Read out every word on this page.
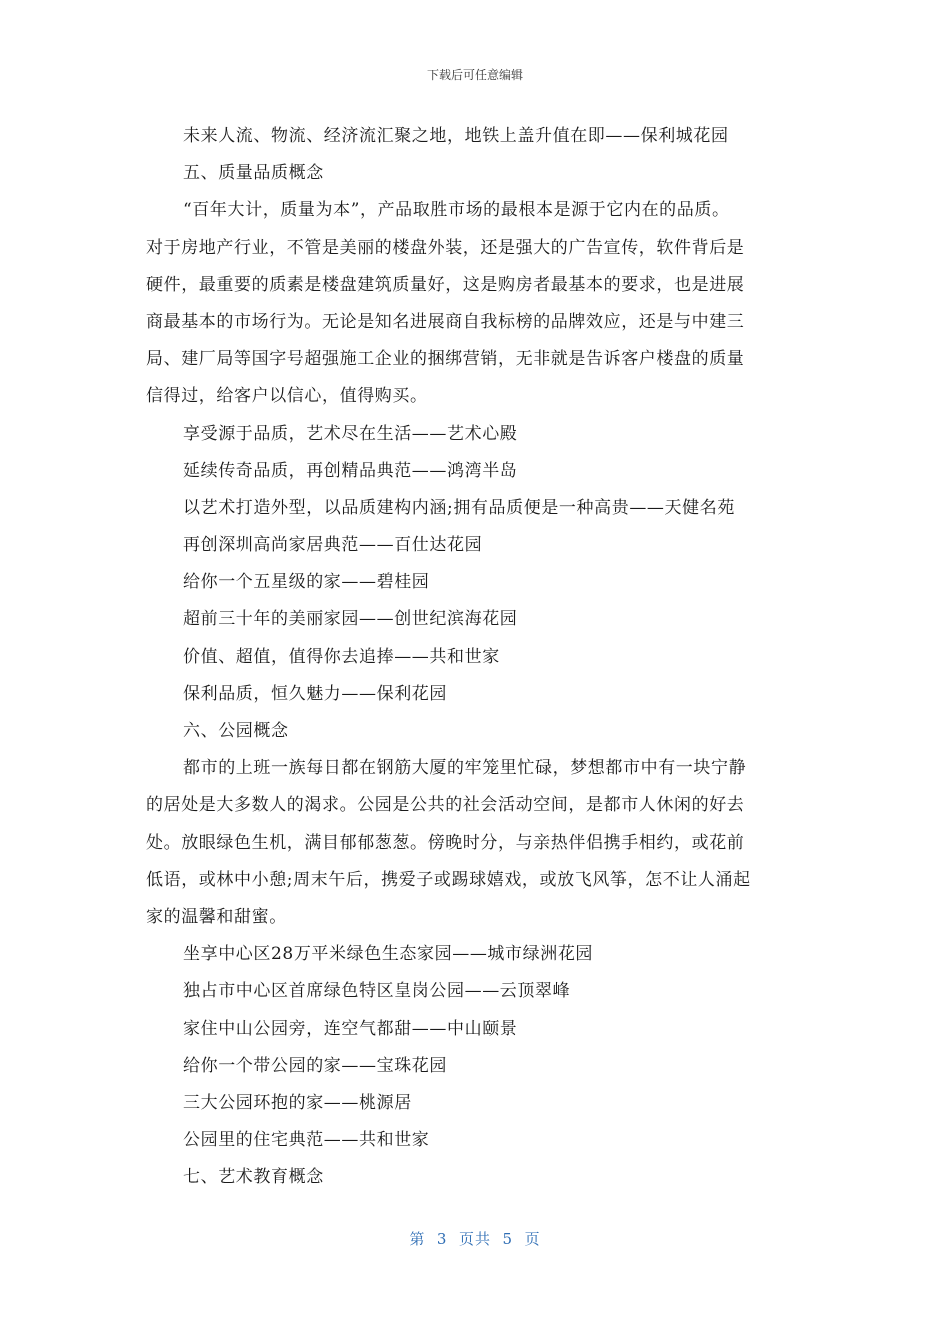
下载后可任意编辑
未来人流、物流、经济流汇聚之地，地铁上盖升值在即——保利城花园
五、质量品质概念
“百年大计，质量为本”，产品取胜市场的最根本是源于它内在的品质。
对于房地产行业，不管是美丽的楼盘外装，还是强大的广告宣传，软件背后是
硬件，最重要的质素是楼盘建筑质量好，这是购房者最基本的要求，也是进展
商最基本的市场行为。无论是知名进展商自我标榜的品牌效应，还是与中建三
局、建厂局等国字号超强施工企业的捆绑营销，无非就是告诉客户楼盘的质量
信得过，给客户以信心，值得购买。
享受源于品质，艺术尽在生活——艺术心殿
延续传奇品质，再创精品典范——鸿湾半岛
以艺术打造外型，以品质建构内涵;拥有品质便是一种高贵——天健名苑
再创深圳高尚家居典范——百仕达花园
给你一个五星级的家——碧桂园
超前三十年的美丽家园——创世纪滨海花园
价值、超值，值得你去追捧——共和世家
保利品质，恒久魅力——保利花园
六、公园概念
都市的上班一族每日都在钢筋大厦的牢笼里忙碌，梦想都市中有一块宁静
的居处是大多数人的渴求。公园是公共的社会活动空间，是都市人休闲的好去
处。放眼绿色生机，满目郁郁葱葱。傍晚时分，与亲热伴侣携手相约，或花前
低语，或林中小憩;周末午后，携爱子或踢球嬉戏，或放飞风筝，怎不让人涌起
家的温馨和甜蜜。
坐享中心区28万平米绿色生态家园——城市绿洲花园
独占市中心区首席绿色特区皇岗公园——云顶翠峰
家住中山公园旁，连空气都甜——中山颐景
给你一个带公园的家——宝珠花园
三大公园环抱的家——桃源居
公园里的住宅典范——共和世家
七、艺术教育概念
第  3  页共  5  页
